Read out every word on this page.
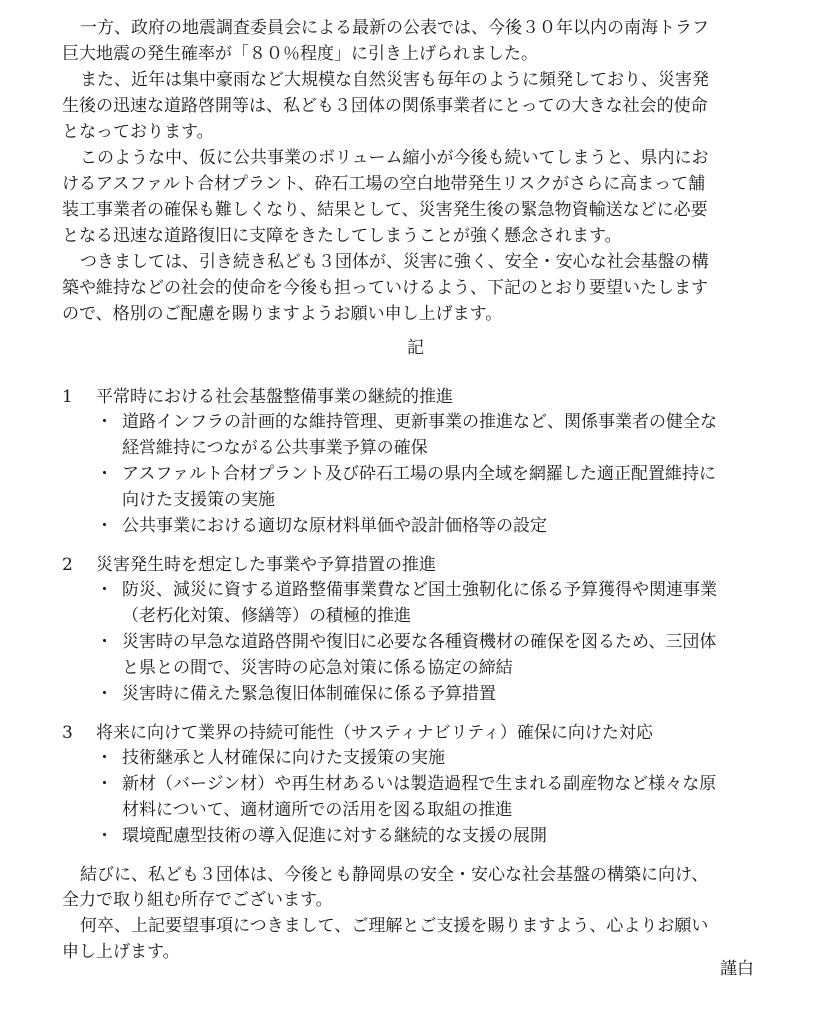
一方、政府の地震調査委員会による最新の公表では、今後３０年以内の南海トラフ
巨大地震の発生確率が「８０％程度」に引き上げられました。
また、近年は集中豪雨など大規模な自然災害も毎年のように頻発しており、災害発
生後の迅速な道路啓開等は、私ども３団体の関係事業者にとっての大きな社会的使命
となっております。
このような中、仮に公共事業のボリューム縮小が今後も続いてしまうと、県内にお
けるアスファルト合材プラント、砕石工場の空白地帯発生リスクがさらに高まって舗
装工事業者の確保も難しくなり、結果として、災害発生後の緊急物資輸送などに必要
となる迅速な道路復旧に支障をきたしてしまうことが強く懸念されます。
つきましては、引き続き私ども３団体が、災害に強く、安全・安心な社会基盤の構
築や維持などの社会的使命を今後も担っていけるよう、下記のとおり要望いたします
ので、格別のご配慮を賜りますようお願い申し上げます。
記
1 平常時における社会基盤整備事業の継続的推進
・ 道路インフラの計画的な維持管理、更新事業の推進など、関係事業者の健全な
経営維持につながる公共事業予算の確保
・ アスファルト合材プラント及び砕石工場の県内全域を網羅した適正配置維持に
向けた支援策の実施
・ 公共事業における適切な原材料単価や設計価格等の設定
2 災害発生時を想定した事業や予算措置の推進
・ 防災、減災に資する道路整備事業費など国土強靭化に係る予算獲得や関連事業
（老朽化対策、修繕等）の積極的推進
・ 災害時の早急な道路啓開や復旧に必要な各種資機材の確保を図るため、三団体
と県との間で、災害時の応急対策に係る協定の締結
・ 災害時に備えた緊急復旧体制確保に係る予算措置
3 将来に向けて業界の持続可能性（サスティナビリティ）確保に向けた対応
・ 技術継承と人材確保に向けた支援策の実施
・ 新材（バージン材）や再生材あるいは製造過程で生まれる副産物など様々な原
材料について、適材適所での活用を図る取組の推進
・ 環境配慮型技術の導入促進に対する継続的な支援の展開
結びに、私ども３団体は、今後とも静岡県の安全・安心な社会基盤の構築に向け、
全力で取り組む所存でございます。
何卒、上記要望事項につきまして、ご理解とご支援を賜りますよう、心よりお願い
申し上げます。
謹白
